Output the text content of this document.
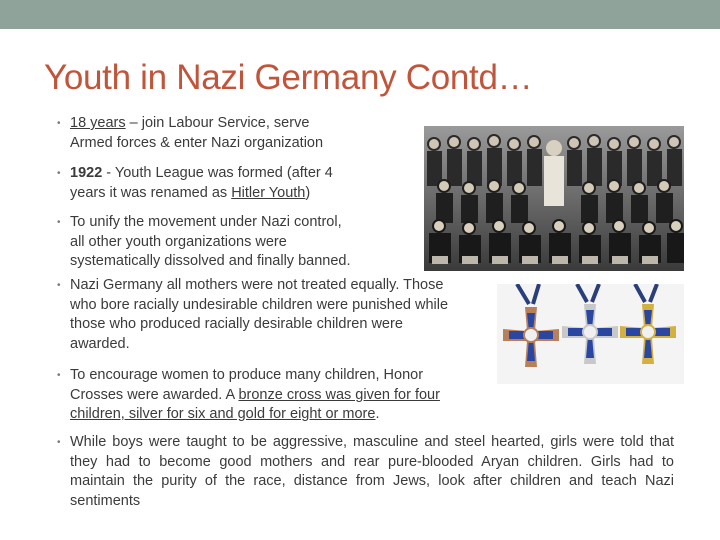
Youth in Nazi Germany Contd…
• 18 years – join Labour Service, serve
Armed forces & enter Nazi organization
• 1922 - Youth League was formed (after 4
years it was renamed as Hitler Youth)
• To unify the movement under Nazi control,
all other youth organizations were
systematically dissolved and finally banned.
• Nazi Germany all mothers were not treated equally. Those
who bore racially undesirable children were punished while
those who produced racially desirable children were
awarded.
• To encourage women to produce many children, Honor
Crosses were awarded. A bronze cross was given for four
children, silver for six and gold for eight or more.
• While boys were taught to be aggressive, masculine and steel hearted, girls were told that they had to become good mothers and rear pure-blooded Aryan children. Girls had to maintain the purity of the race, distance from Jews, look after children and teach Nazi sentiments
